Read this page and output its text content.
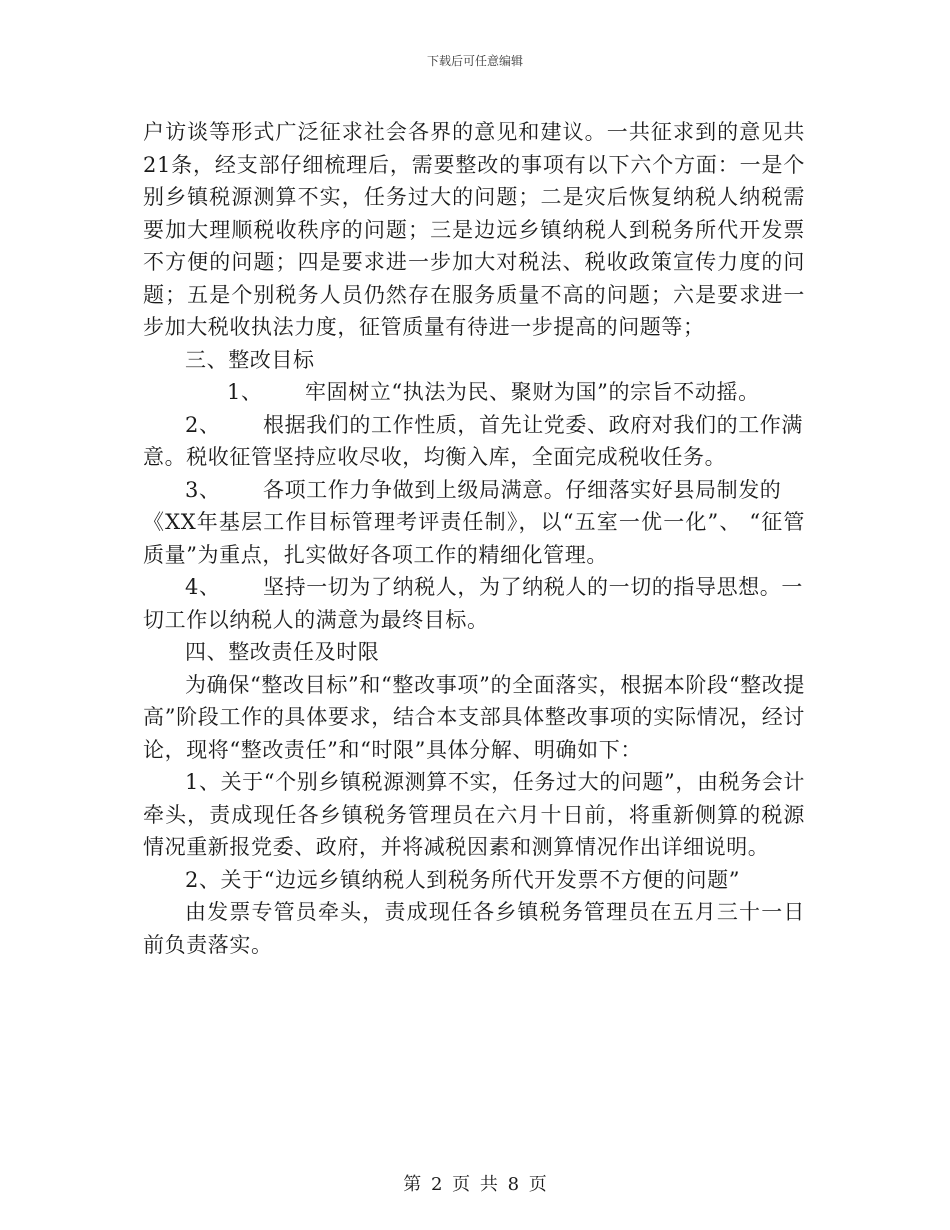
下载后可任意编辑

户访谈等形式广泛征求社会各界的意见和建议。一共征求到的意见共21条，经支部仔细梳理后，需要整改的事项有以下六个方面：一是个别乡镇税源测算不实，任务过大的问题；二是灾后恢复纳税人纳税需要加大理顺税收秩序的问题；三是边远乡镇纳税人到税务所代开发票不方便的问题；四是要求进一步加大对税法、税收政策宣传力度的问题；五是个别税务人员仍然存在服务质量不高的问题；六是要求进一步加大税收执法力度，征管质量有待进一步提高的问题等；

三、整改目标

1、 牢固树立“执法为民、聚财为国”的宗旨不动摇。

2、 根据我们的工作性质，首先让党委、政府对我们的工作满
意。税收征管坚持应收尽收，均衡入库，全面完成税收任务。

3、 各项工作力争做到上级局满意。仔细落实好县局制发的
《XX年基层工作目标管理考评责任制》，以“五室一优一化”、 “征管质量”为重点，扎实做好各项工作的精细化管理。

4、 坚持一切为了纳税人，为了纳税人的一切的指导思想。一
切工作以纳税人的满意为最终目标。

四、整改责任及时限

为确保“整改目标”和“整改事项”的全面落实，根据本阶段“整改提高”阶段工作的具体要求，结合本支部具体整改事项的实际情况，经讨论，现将“整改责任”和“时限”具体分解、明确如下：

1、关于“个别乡镇税源测算不实，任务过大的问题”，由税务会计牵头，责成现任各乡镇税务管理员在六月十日前，将重新侧算的税源情况重新报党委、政府，并将减税因素和测算情况作出详细说明。

2、关于“边远乡镇纳税人到税务所代开发票不方便的问题”

由发票专管员牵头，责成现任各乡镇税务管理员在五月三十一日前负责落实。

第 2 页 共 8 页
